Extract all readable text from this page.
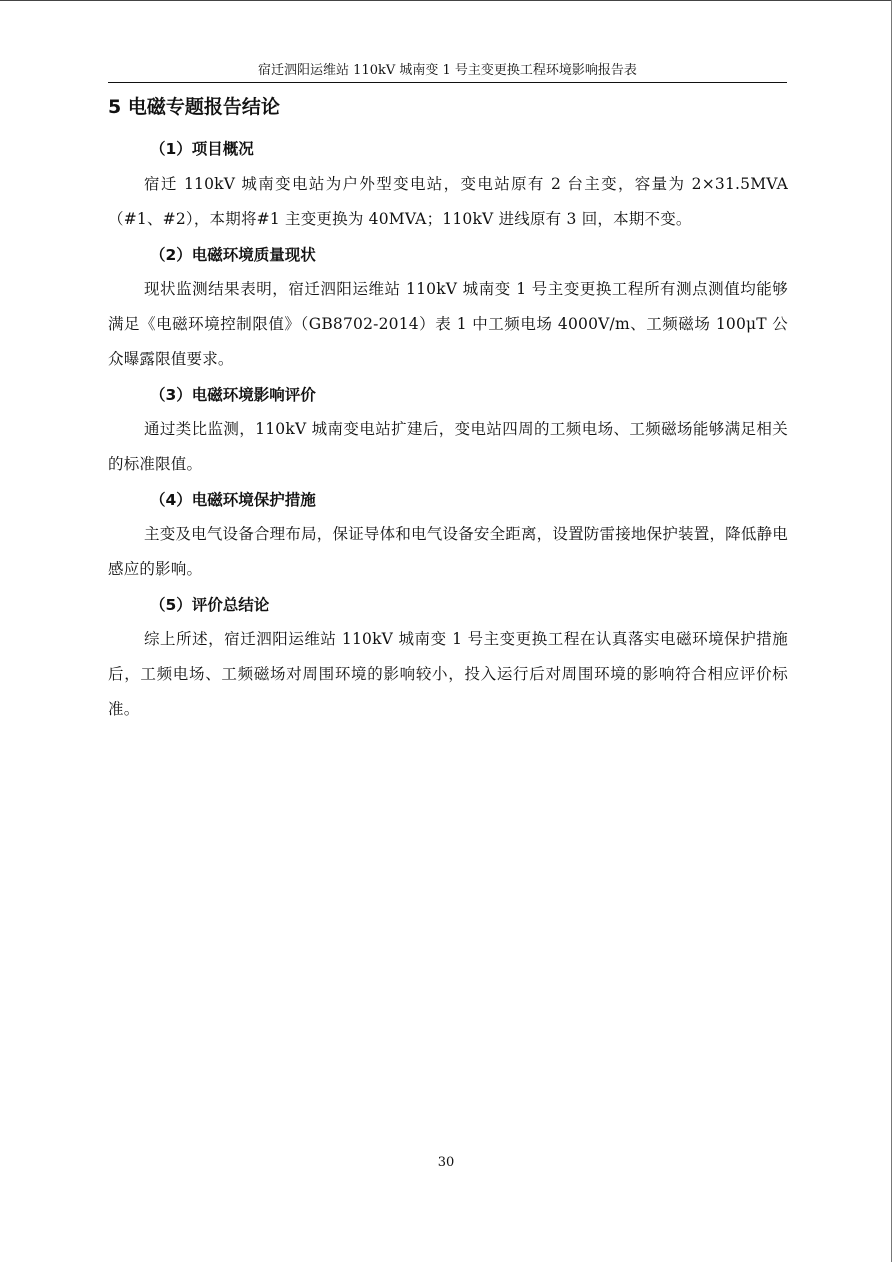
宿迁泗阳运维站 110kV 城南变 1 号主变更换工程环境影响报告表
5 电磁专题报告结论
（1）项目概况
宿迁 110kV 城南变电站为户外型变电站，变电站原有 2 台主变，容量为 2×31.5MVA（#1、#2），本期将#1 主变更换为 40MVA；110kV 进线原有 3 回，本期不变。
（2）电磁环境质量现状
现状监测结果表明，宿迁泗阳运维站 110kV 城南变 1 号主变更换工程所有测点测值均能够满足《电磁环境控制限值》（GB8702-2014）表 1 中工频电场 4000V/m、工频磁场 100μT 公众曝露限值要求。
（3）电磁环境影响评价
通过类比监测，110kV 城南变电站扩建后，变电站四周的工频电场、工频磁场能够满足相关的标准限值。
（4）电磁环境保护措施
主变及电气设备合理布局，保证导体和电气设备安全距离，设置防雷接地保护装置，降低静电感应的影响。
（5）评价总结论
综上所述，宿迁泗阳运维站 110kV 城南变 1 号主变更换工程在认真落实电磁环境保护措施后，工频电场、工频磁场对周围环境的影响较小，投入运行后对周围环境的影响符合相应评价标准。
30
